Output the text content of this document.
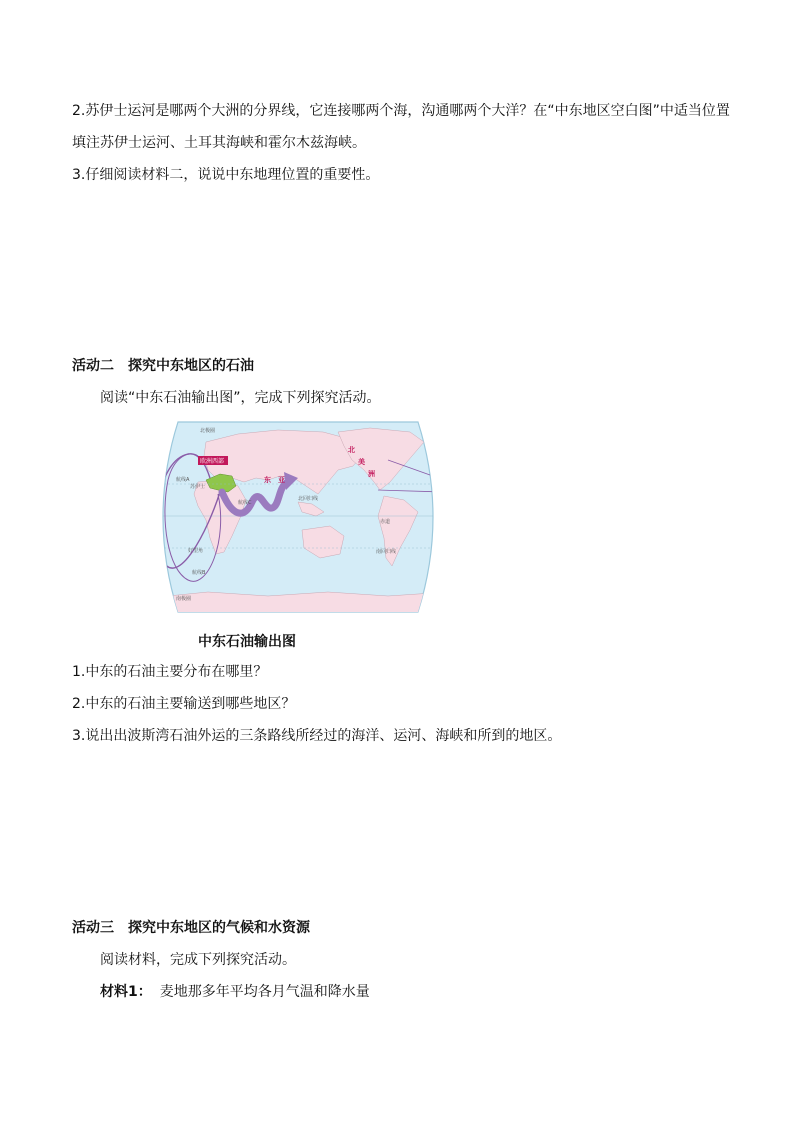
2.苏伊士运河是哪两个大洲的分界线，它连接哪两个海，沟通哪两个大洋？在“中东地区空白图”中适当位置

填注苏伊士运河、土耳其海峡和霍尔木兹海峡。

3.仔细阅读材料二，说说中东地理位置的重要性。

活动二　探究中东地区的石油

阅读“中东石油输出图”，完成下列探究活动。

欧洲西部
航线A
苏伊士
航线C
好望角
航线B
东 亚
北
美
洲
北回归线
赤道
南回归线
北极圈
南极圈
中东石油输出图

1.中东的石油主要分布在哪里？

2.中东的石油主要输送到哪些地区？

3.说出出波斯湾石油外运的三条路线所经过的海洋、运河、海峡和所到的地区。

活动三　探究中东地区的气候和水资源

阅读材料，完成下列探究活动。

材料1： 麦地那多年平均各月气温和降水量
